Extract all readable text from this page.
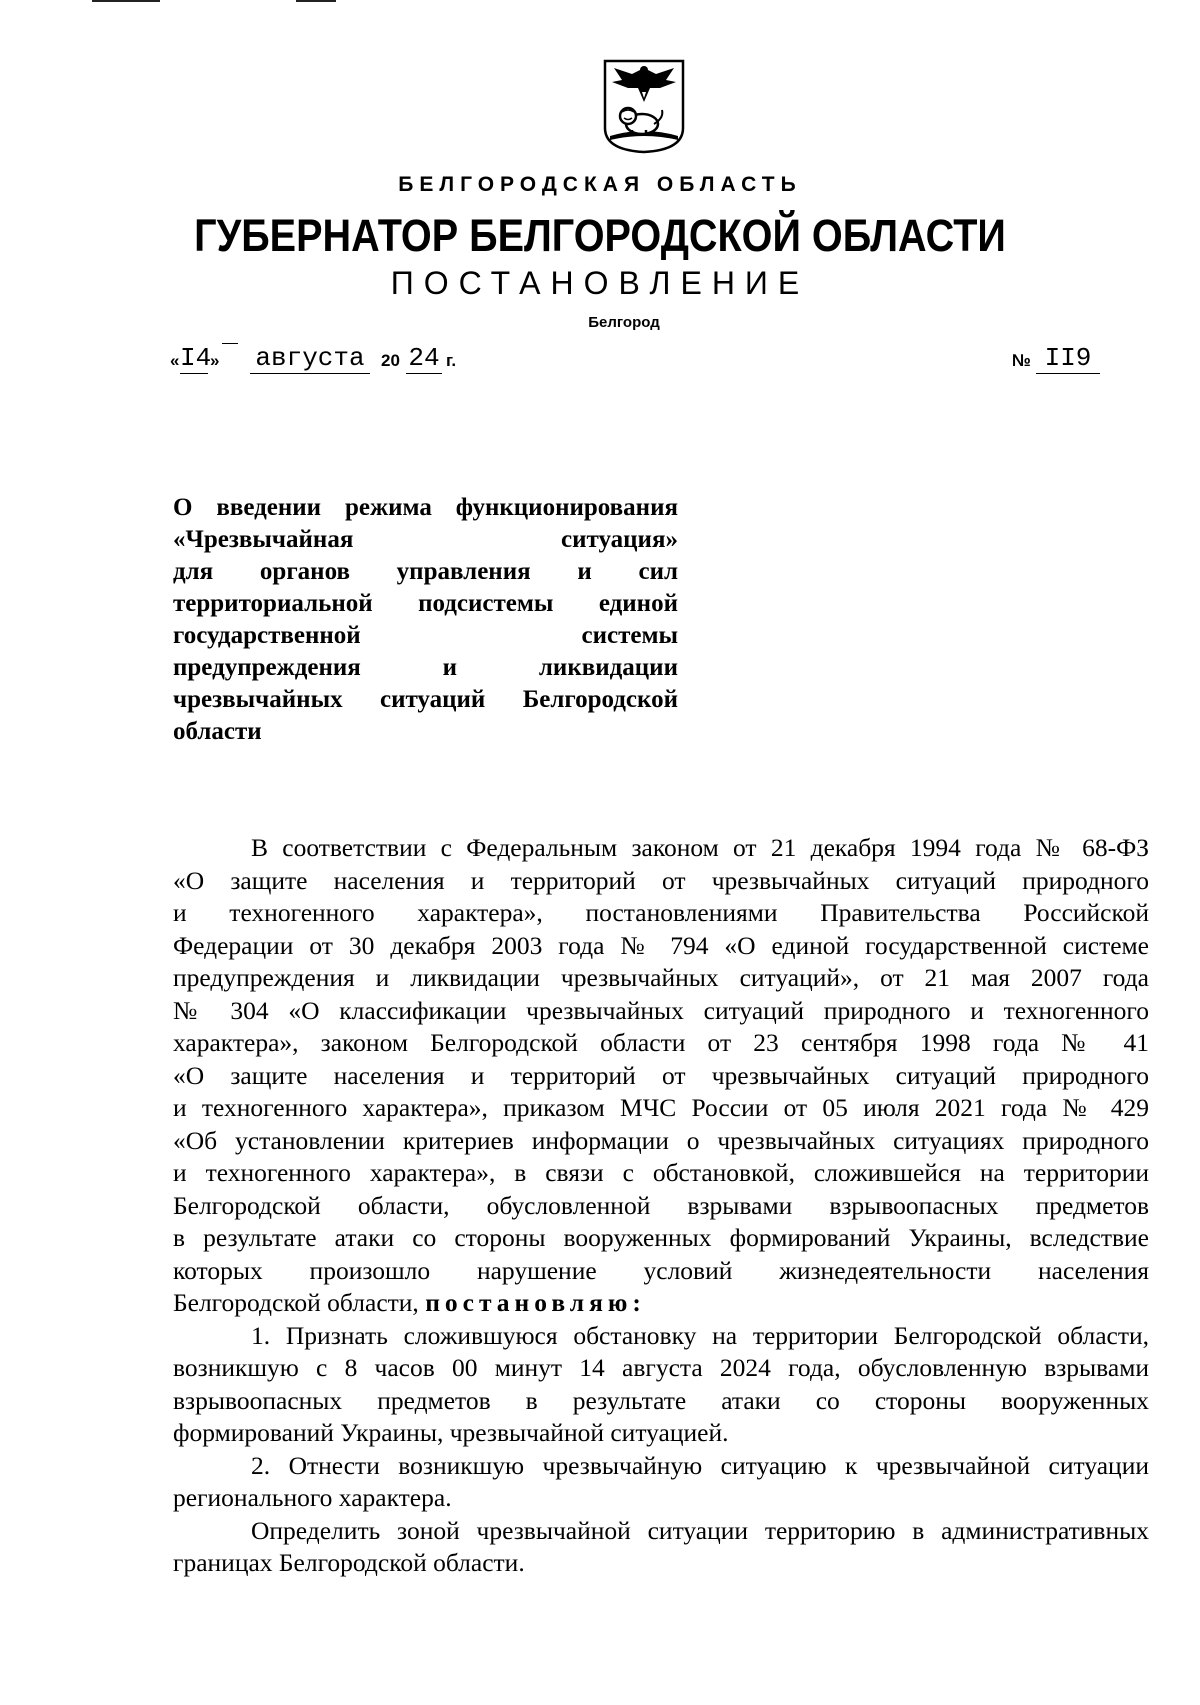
БЕЛГОРОДСКАЯ ОБЛАСТЬ
ГУБЕРНАТОР БЕЛГОРОДСКОЙ ОБЛАСТИ
ПОСТАНОВЛЕНИЕ
Белгород
« I4
» августа 20 24 г.	№ II9
О введении режима функционирования
«Чрезвычайная ситуация»
для органов управления и сил
территориальной подсистемы единой
государственной системы
предупреждения и ликвидации
чрезвычайных ситуаций Белгородской
области
В соответствии с Федеральным законом от 21 декабря 1994 года № 68-ФЗ
«О защите населения и территорий от чрезвычайных ситуаций природного
и техногенного характера», постановлениями Правительства Российской
Федерации от 30 декабря 2003 года № 794 «О единой государственной системе
предупреждения и ликвидации чрезвычайных ситуаций», от 21 мая 2007 года
№ 304 «О классификации чрезвычайных ситуаций природного и техногенного
характера», законом Белгородской области от 23 сентября 1998 года № 41
«О защите населения и территорий от чрезвычайных ситуаций природного
и техногенного характера», приказом МЧС России от 05 июля 2021 года № 429
«Об установлении критериев информации о чрезвычайных ситуациях природного
и техногенного характера», в связи с обстановкой, сложившейся на территории
Белгородской области, обусловленной взрывами взрывоопасных предметов
в результате атаки со стороны вооруженных формирований Украины, вследствие
которых произошло нарушение условий жизнедеятельности населения
Белгородской области, постановляю:
1. Признать сложившуюся обстановку на территории Белгородской области,
возникшую с 8 часов 00 минут 14 августа 2024 года, обусловленную взрывами
взрывоопасных предметов в результате атаки со стороны вооруженных
формирований Украины, чрезвычайной ситуацией.
2. Отнести возникшую чрезвычайную ситуацию к чрезвычайной ситуации
регионального характера.
Определить зоной чрезвычайной ситуации территорию в административных
границах Белгородской области.
